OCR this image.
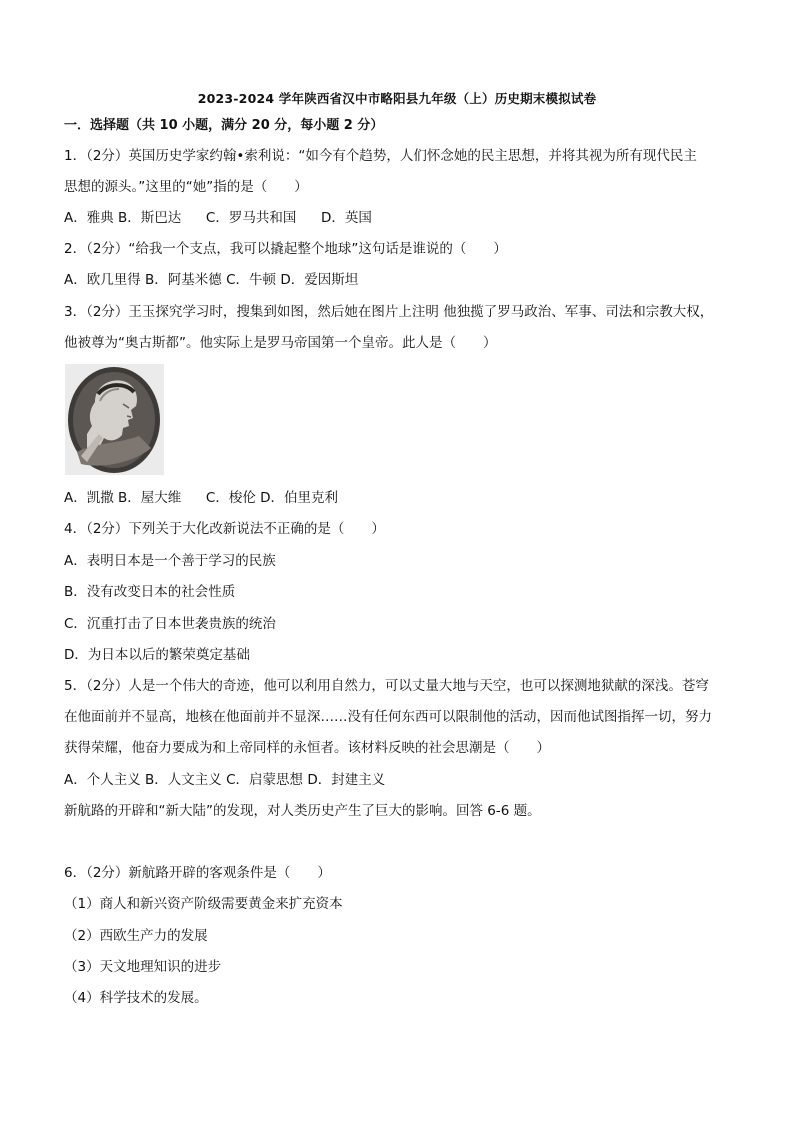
2023-2024 学年陕西省汉中市略阳县九年级（上）历史期末模拟试卷
一．选择题（共 10 小题，满分 20 分，每小题 2 分）
1．（2分）英国历史学家约翰•索利说：“如今有个趋势，人们怀念她的民主思想，并将其视为所有现代民主
思想的源头。”这里的“她”指的是（　　）
A．雅典 B．斯巴达 C．罗马共和国 D．英国
2．（2分）“给我一个支点，我可以撬起整个地球”这句话是谁说的（　　）
A．欧几里得 B．阿基米德 C．牛顿 D．爱因斯坦
3．（2分）王玉探究学习时，搜集到如图，然后她在图片上注明 他独揽了罗马政治、军事、司法和宗教大权，
他被尊为“奥古斯都”。他实际上是罗马帝国第一个皇帝。此人是（　　）
A．凯撒 B．屋大维 C．梭伦 D．伯里克利
4．（2分）下列关于大化改新说法不正确的是（　　）
A．表明日本是一个善于学习的民族
B．没有改变日本的社会性质
C．沉重打击了日本世袭贵族的统治
D．为日本以后的繁荣奠定基础
5．（2分）人是一个伟大的奇迹，他可以利用自然力，可以丈量大地与天空，也可以探测地狱献的深浅。苍穹
在他面前并不显高，地核在他面前并不显深……没有任何东西可以限制他的活动，因而他试图指挥一切，努力
获得荣耀，他奋力要成为和上帝同样的永恒者。该材料反映的社会思潮是（　　）
A．个人主义 B．人文主义 C．启蒙思想 D．封建主义
新航路的开辟和“新大陆”的发现，对人类历史产生了巨大的影响。回答 6-6 题。
6．（2分）新航路开辟的客观条件是（　　）
（1）商人和新兴资产阶级需要黄金来扩充资本
（2）西欧生产力的发展
（3）天文地理知识的进步
（4）科学技术的发展。
